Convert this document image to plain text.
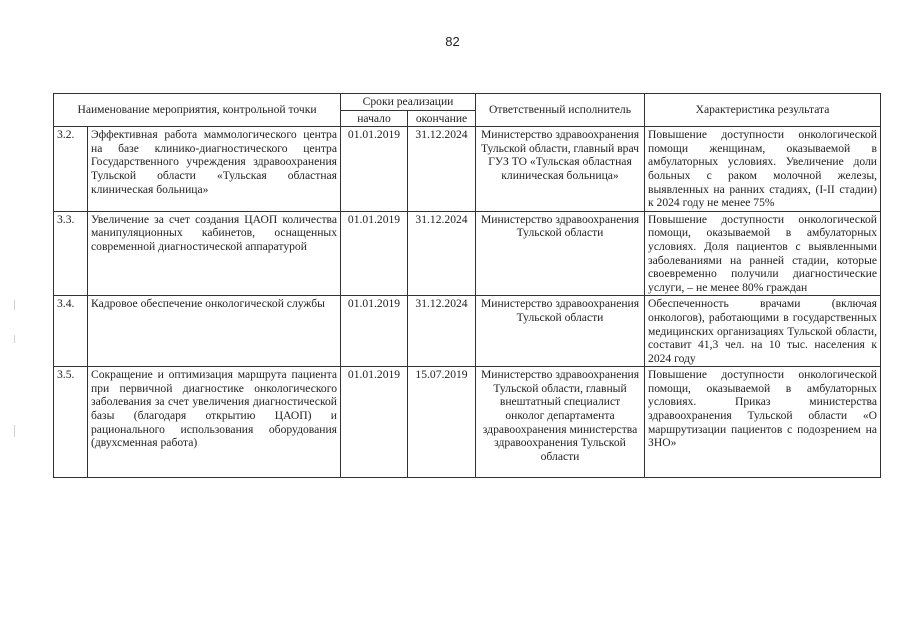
82
Наименование мероприятия, контрольной точки		Сроки реализации		Ответственный исполнитель	Характеристика результата
		начало	окончание		
3.2.	Эффективная работа маммологического центра на базе клинико-диагностического центра Государственного учреждения здравоохранения Тульской области «Тульская областная клиническая больница»	01.01.2019	31.12.2024	Министерство здравоохранения Тульской области, главный врач ГУЗ ТО «Тульская областная клиническая больница»	Повышение доступности онкологической помощи женщинам, оказываемой в амбулаторных условиях. Увеличение доли больных с раком молочной железы, выявленных на ранних стадиях, (I-II стадии) к 2024 году не менее 75%
3.3.	Увеличение за счет создания ЦАОП количества манипуляционных кабинетов, оснащенных современной диагностической аппаратурой	01.01.2019	31.12.2024	Министерство здравоохранения Тульской области	Повышение доступности онкологической помощи, оказываемой в амбулаторных условиях. Доля пациентов с выявленными заболеваниями на ранней стадии, которые своевременно получили диагностические услуги, – не менее 80% граждан
3.4.	Кадровое обеспечение онкологической службы	01.01.2019	31.12.2024	Министерство здравоохранения Тульской области	Обеспеченность врачами (включая онкологов), работающими в государственных медицинских организациях Тульской области, составит 41,3 чел. на 10 тыс. населения к 2024 году
3.5.	Сокращение и оптимизация маршрута пациента при первичной диагностике онкологического заболевания за счет увеличения диагностической базы (благодаря открытию ЦАОП) и рационального использования оборудования (двухсменная работа)	01.01.2019	15.07.2019	Министерство здравоохранения Тульской области, главный внештатный специалист онколог департамента здравоохранения министерства здравоохранения Тульской области	Повышение доступности онкологической помощи, оказываемой в амбулаторных условиях. Приказ министерства здравоохранения Тульской области «О маршрутизации пациентов с подозрением на ЗНО»
